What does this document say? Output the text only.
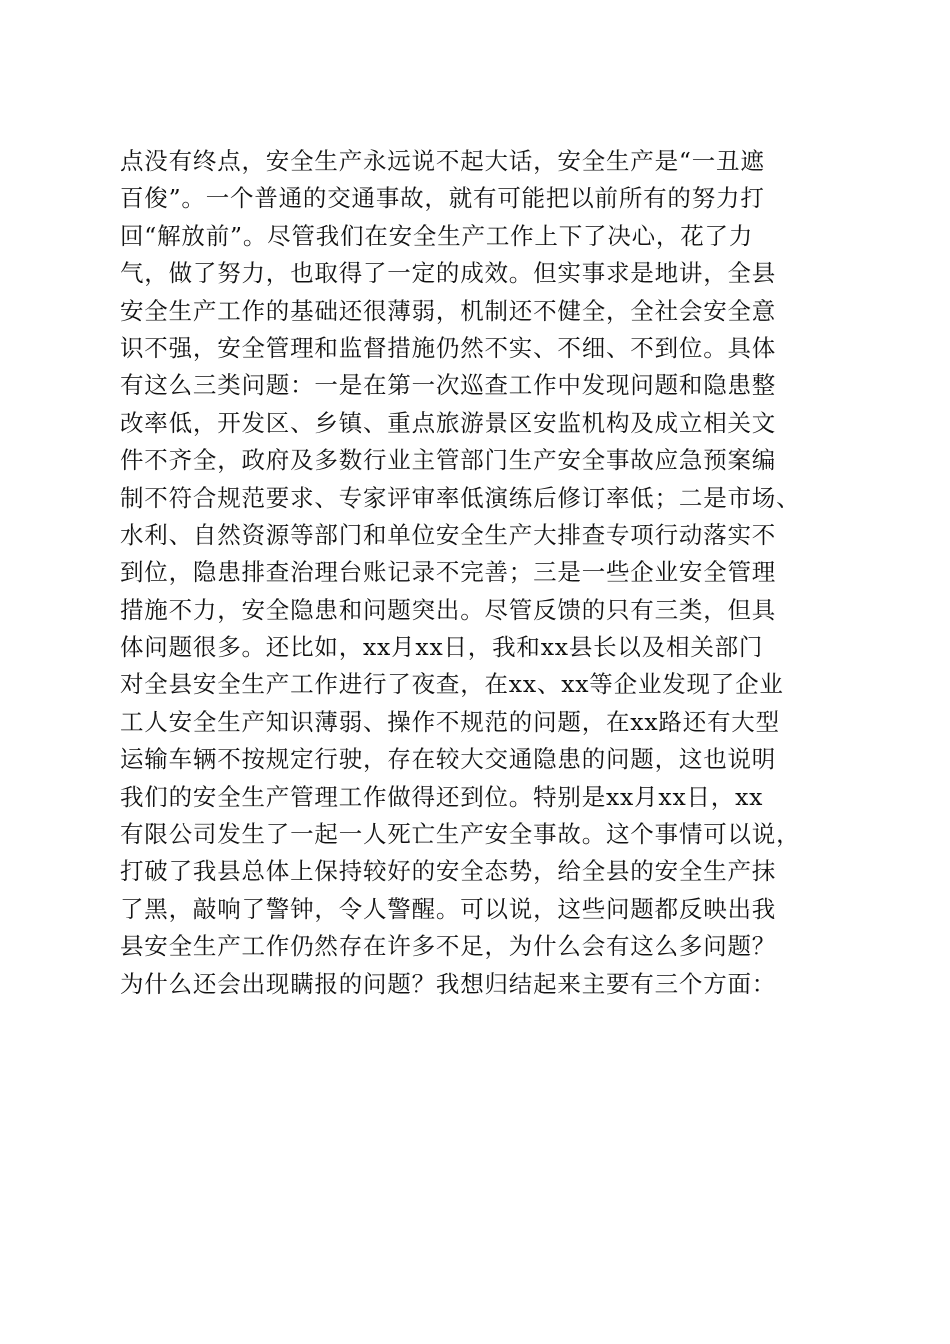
点没有终点，安全生产永远说不起大话，安全生产是“一丑遮
百俊”。一个普通的交通事故，就有可能把以前所有的努力打
回“解放前”。尽管我们在安全生产工作上下了决心，花了力
气，做了努力，也取得了一定的成效。但实事求是地讲，全县
安全生产工作的基础还很薄弱，机制还不健全，全社会安全意
识不强，安全管理和监督措施仍然不实、不细、不到位。具体
有这么三类问题：一是在第一次巡查工作中发现问题和隐患整
改率低，开发区、乡镇、重点旅游景区安监机构及成立相关文
件不齐全，政府及多数行业主管部门生产安全事故应急预案编
制不符合规范要求、专家评审率低演练后修订率低；二是市场、
水利、自然资源等部门和单位安全生产大排查专项行动落实不
到位，隐患排查治理台账记录不完善；三是一些企业安全管理
措施不力，安全隐患和问题突出。尽管反馈的只有三类，但具
体问题很多。还比如，xx月xx日，我和xx县长以及相关部门
对全县安全生产工作进行了夜查，在xx、xx等企业发现了企业
工人安全生产知识薄弱、操作不规范的问题，在xx路还有大型
运输车辆不按规定行驶，存在较大交通隐患的问题，这也说明
我们的安全生产管理工作做得还到位。特别是xx月xx日，xx
有限公司发生了一起一人死亡生产安全事故。这个事情可以说，
打破了我县总体上保持较好的安全态势，给全县的安全生产抹
了黑，敲响了警钟，令人警醒。可以说，这些问题都反映出我
县安全生产工作仍然存在许多不足，为什么会有这么多问题？
为什么还会出现瞒报的问题？我想归结起来主要有三个方面：
